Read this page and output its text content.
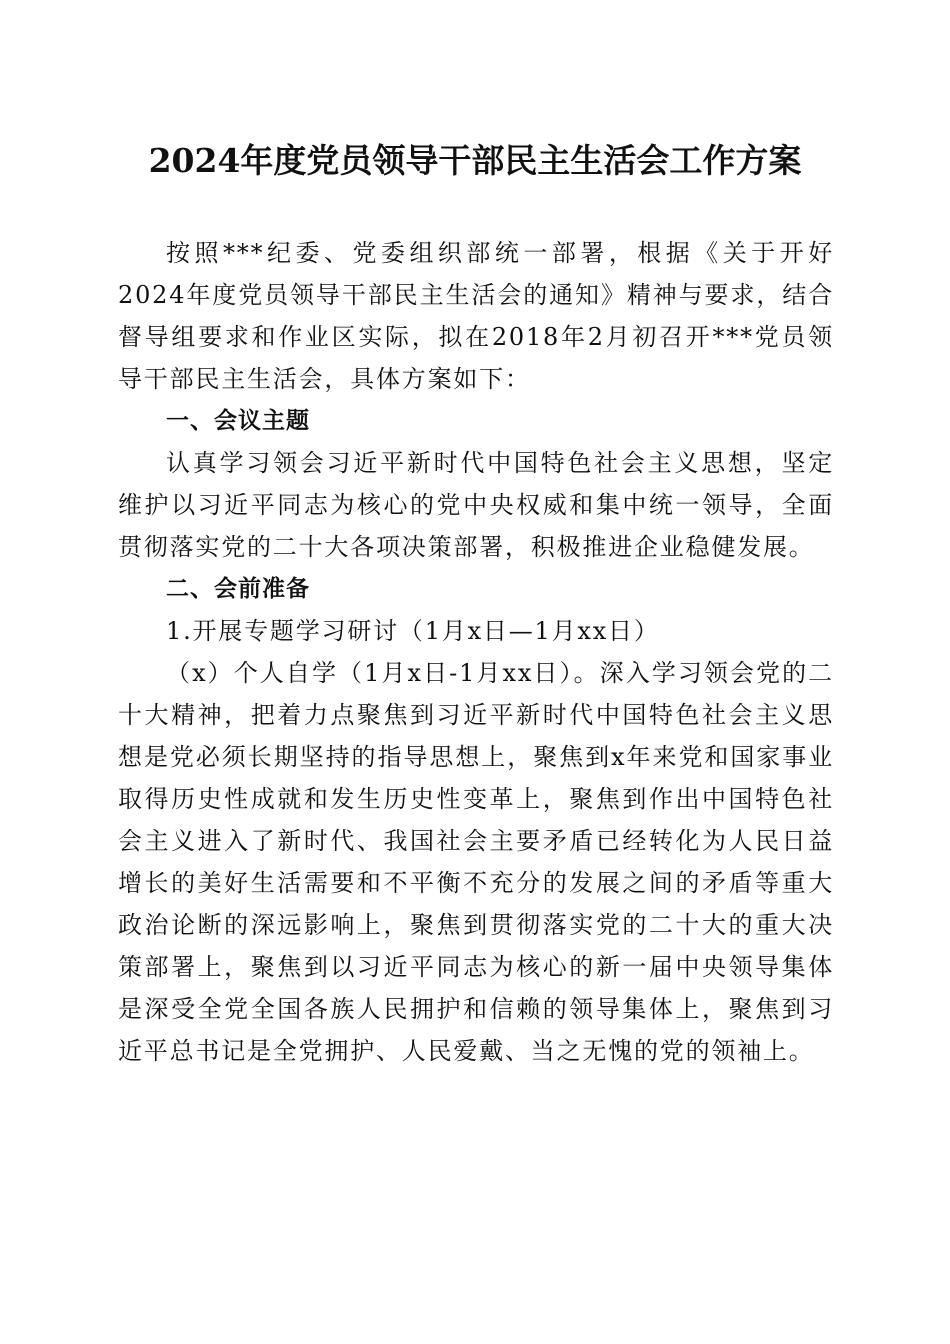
2024年度党员领导干部民主生活会工作方案

按照***纪委、党委组织部统一部署，根据《关于开好2024年度党员领导干部民主生活会的通知》精神与要求，结合督导组要求和作业区实际，拟在2018年2月初召开***党员领导干部民主生活会，具体方案如下：

一、会议主题

认真学习领会习近平新时代中国特色社会主义思想，坚定维护以习近平同志为核心的党中央权威和集中统一领导，全面贯彻落实党的二十大各项决策部署，积极推进企业稳健发展。

二、会前准备

1.开展专题学习研讨（1月x日—1月xx日）

（x）个人自学（1月x日-1月xx日）。深入学习领会党的二十大精神，把着力点聚焦到习近平新时代中国特色社会主义思想是党必须长期坚持的指导思想上，聚焦到x年来党和国家事业取得历史性成就和发生历史性变革上，聚焦到作出中国特色社会主义进入了新时代、我国社会主要矛盾已经转化为人民日益增长的美好生活需要和不平衡不充分的发展之间的矛盾等重大政治论断的深远影响上，聚焦到贯彻落实党的二十大的重大决策部署上，聚焦到以习近平同志为核心的新一届中央领导集体是深受全党全国各族人民拥护和信赖的领导集体上，聚焦到习近平总书记是全党拥护、人民爱戴、当之无愧的党的领袖上。
